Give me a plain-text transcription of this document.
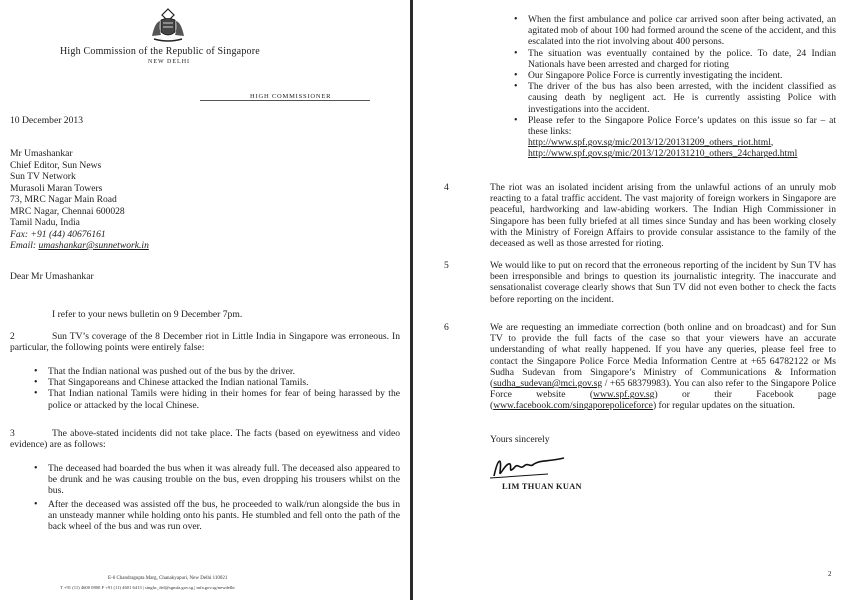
High Commission of the Republic of Singapore
NEW DELHI
HIGH COMMISSIONER
10 December 2013
Mr Umashankar
Chief Editor, Sun News
Sun TV Network
Murasoli Maran Towers
73, MRC Nagar Main Road
MRC Nagar, Chennai 600028
Tamil Nadu, India
Fax: +91 (44) 40676161
Email: umashankar@sunnetwork.in
Dear Mr Umashankar
I refer to your news bulletin on 9 December 7pm.
2	Sun TV’s coverage of the 8 December riot in Little India in Singapore was erroneous. In particular, the following points were entirely false:
• That the Indian national was pushed out of the bus by the driver.
• That Singaporeans and Chinese attacked the Indian national Tamils.
• That Indian national Tamils were hiding in their homes for fear of being harassed by the police or attacked by the local Chinese.
3	The above-stated incidents did not take place. The facts (based on eyewitness and video evidence) are as follows:
• The deceased had boarded the bus when it was already full. The deceased also appeared to be drunk and he was causing trouble on the bus, even dropping his trousers whilst on the bus.
• After the deceased was assisted off the bus, he proceeded to walk/run alongside the bus in an unsteady manner while holding onto his pants. He stumbled and fell onto the path of the back wheel of the bus and was run over.
E-6 Chandragupta Marg, Chanakyapuri, New Delhi 110021
T +91 (11) 4600 0800 F +91 (11) 4601 6413 | singhc_del@sgmfa.gov.sg | mfa.gov.sg/newdelhi
• When the first ambulance and police car arrived soon after being activated, an agitated mob of about 100 had formed around the scene of the accident, and this escalated into the riot involving about 400 persons.
• The situation was eventually contained by the police. To date, 24 Indian Nationals have been arrested and charged for rioting
• Our Singapore Police Force is currently investigating the incident.
• The driver of the bus has also been arrested, with the incident classified as causing death by negligent act. He is currently assisting Police with investigations into the accident.
• Please refer to the Singapore Police Force’s updates on this issue so far – at these links:
http://www.spf.gov.sg/mic/2013/12/20131209_others_riot.html,
http://www.spf.gov.sg/mic/2013/12/20131210_others_24charged.html
4	The riot was an isolated incident arising from the unlawful actions of an unruly mob reacting to a fatal traffic accident. The vast majority of foreign workers in Singapore are peaceful, hardworking and law-abiding workers. The Indian High Commissioner in Singapore has been fully briefed at all times since Sunday and has been working closely with the Ministry of Foreign Affairs to provide consular assistance to the family of the deceased as well as those arrested for rioting.
5	We would like to put on record that the erroneous reporting of the incident by Sun TV has been irresponsible and brings to question its journalistic integrity. The inaccurate and sensationalist coverage clearly shows that Sun TV did not even bother to check the facts before reporting on the incident.
6	We are requesting an immediate correction (both online and on broadcast) and for Sun TV to provide the full facts of the case so that your viewers have an accurate understanding of what really happened. If you have any queries, please feel free to contact the Singapore Police Force Media Information Centre at +65 64782122 or Ms Sudha Sudevan from Singapore’s Ministry of Communications & Information (sudha_sudevan@mci.gov.sg / +65 68379983). You can also refer to the Singapore Police Force website (www.spf.gov.sg) or their Facebook page (www.facebook.com/singaporepoliceforce) for regular updates on the situation.
Yours sincerely
LIM THUAN KUAN
2
